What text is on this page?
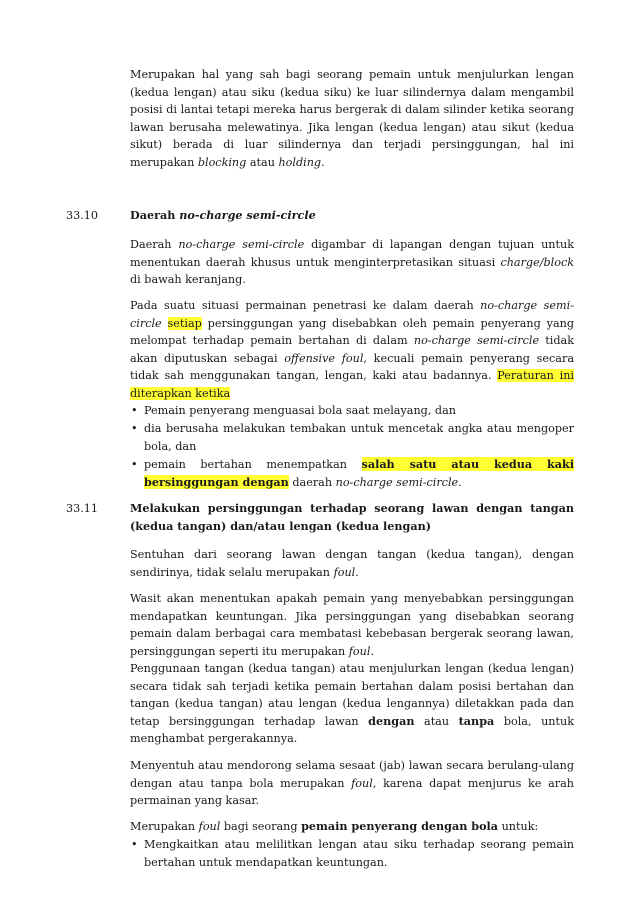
Merupakan hal yang sah bagi seorang pemain untuk menjulurkan lengan (kedua lengan) atau siku (kedua siku) ke luar silindernya dalam mengambil posisi di lantai tetapi mereka harus bergerak di dalam silinder ketika seorang lawan berusaha melewatinya. Jika lengan (kedua lengan) atau sikut (kedua sikut) berada di luar silindernya dan terjadi persinggungan, hal ini merupakan blocking atau holding.

33.10	Daerah no-charge semi-circle

Daerah no-charge semi-circle digambar di lapangan dengan tujuan untuk menentukan daerah khusus untuk menginterpretasikan situasi charge/block di bawah keranjang.

Pada suatu situasi permainan penetrasi ke dalam daerah no-charge semi-circle setiap persinggungan yang disebabkan oleh pemain penyerang yang melompat terhadap pemain bertahan di dalam no-charge semi-circle tidak akan diputuskan sebagai offensive foul, kecuali pemain penyerang secara tidak sah menggunakan tangan, lengan, kaki atau badannya. Peraturan ini diterapkan ketika

• Pemain penyerang menguasai bola saat melayang, dan
• dia berusaha melakukan tembakan untuk mencetak angka atau mengoper bola, dan
• pemain bertahan menempatkan salah satu atau kedua kaki bersinggungan dengan daerah no-charge semi-circle.
33.11	Melakukan persinggungan terhadap seorang lawan dengan tangan (kedua tangan) dan/atau lengan (kedua lengan)

Sentuhan dari seorang lawan dengan tangan (kedua tangan), dengan sendirinya, tidak selalu merupakan foul.

Wasit akan menentukan apakah pemain yang menyebabkan persinggungan mendapatkan keuntungan. Jika persinggungan yang disebabkan seorang pemain dalam berbagai cara membatasi kebebasan bergerak seorang lawan, persinggungan seperti itu merupakan foul.

Penggunaan tangan (kedua tangan) atau menjulurkan lengan (kedua lengan) secara tidak sah terjadi ketika pemain bertahan dalam posisi bertahan dan tangan (kedua tangan) atau lengan (kedua lengannya) diletakkan pada dan tetap bersinggungan terhadap lawan dengan atau tanpa bola, untuk menghambat pergerakannya.

Menyentuh atau mendorong selama sesaat (jab) lawan secara berulang-ulang dengan atau tanpa bola merupakan foul, karena dapat menjurus ke arah permainan yang kasar.

Merupakan foul bagi seorang pemain penyerang dengan bola untuk:

• Mengkaitkan atau melilitkan lengan atau siku terhadap seorang pemain bertahan untuk mendapatkan keuntungan.
